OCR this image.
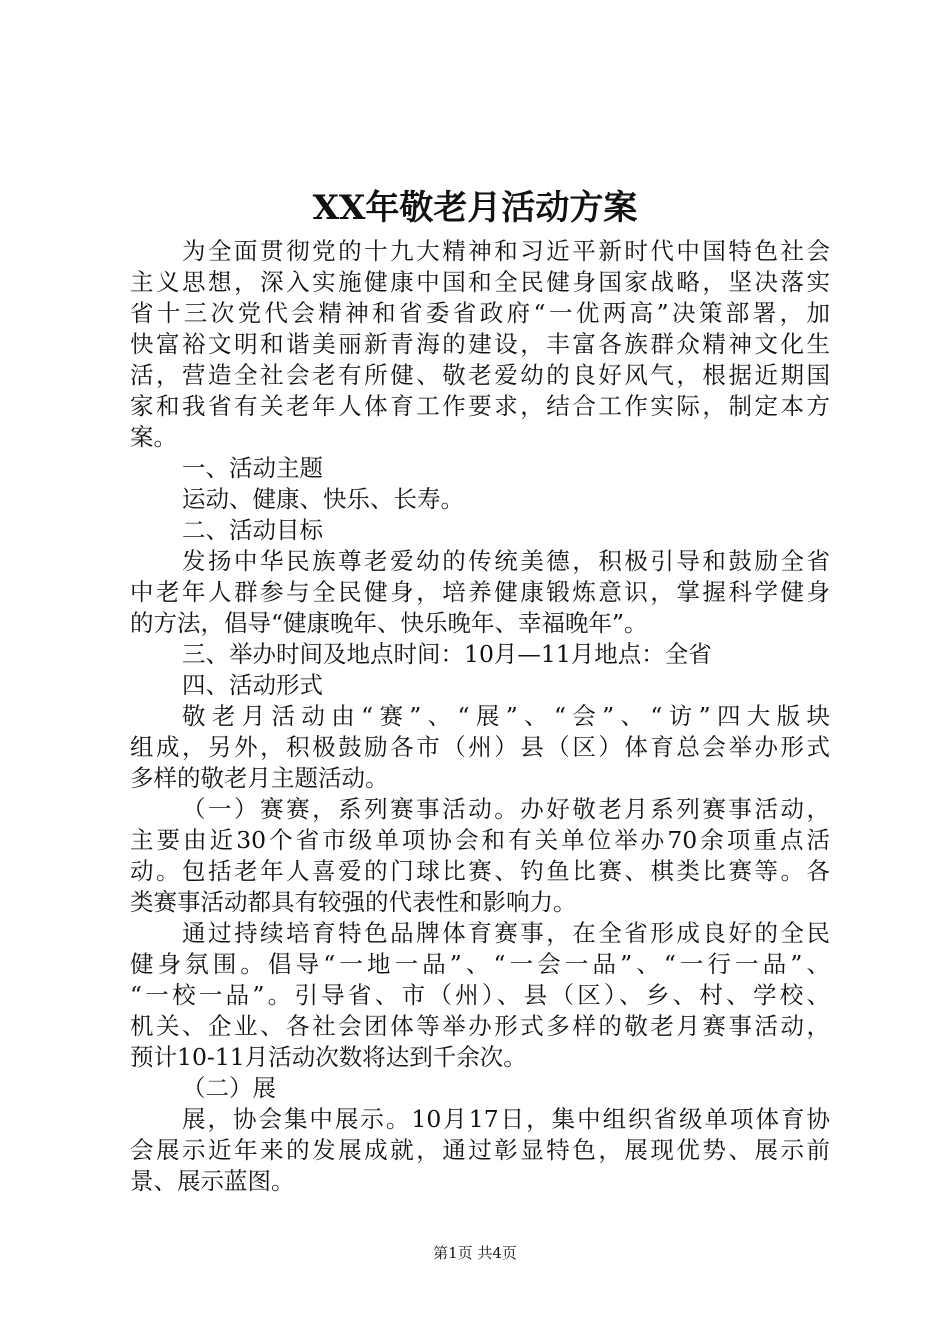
XX年敬老月活动方案
为全面贯彻党的十九大精神和习近平新时代中国特色社会
主义思想，深入实施健康中国和全民健身国家战略，坚决落实
省十三次党代会精神和省委省政府“一优两高”决策部署，加
快富裕文明和谐美丽新青海的建设，丰富各族群众精神文化生
活，营造全社会老有所健、敬老爱幼的良好风气，根据近期国
家和我省有关老年人体育工作要求，结合工作实际，制定本方
案。
一、活动主题
运动、健康、快乐、长寿。
二、活动目标
发扬中华民族尊老爱幼的传统美德，积极引导和鼓励全省
中老年人群参与全民健身，培养健康锻炼意识，掌握科学健身
的方法，倡导“健康晚年、快乐晚年、幸福晚年”。
三、举办时间及地点时间：10月—11月地点：全省
四、活动形式
敬老月活动由“赛”、“展”、“会”、“访”四大版块
组成，另外，积极鼓励各市（州）县（区）体育总会举办形式
多样的敬老月主题活动。
（一）赛赛，系列赛事活动。办好敬老月系列赛事活动，
主要由近30个省市级单项协会和有关单位举办70余项重点活
动。包括老年人喜爱的门球比赛、钓鱼比赛、棋类比赛等。各
类赛事活动都具有较强的代表性和影响力。
通过持续培育特色品牌体育赛事，在全省形成良好的全民
健身氛围。倡导“一地一品”、“一会一品”、“一行一品”、
“一校一品”。引导省、市（州）、县（区）、乡、村、学校、
机关、企业、各社会团体等举办形式多样的敬老月赛事活动，
预计10-11月活动次数将达到千余次。
（二）展
展，协会集中展示。10月17日，集中组织省级单项体育协
会展示近年来的发展成就，通过彰显特色，展现优势、展示前
景、展示蓝图。
第1页 共4页
